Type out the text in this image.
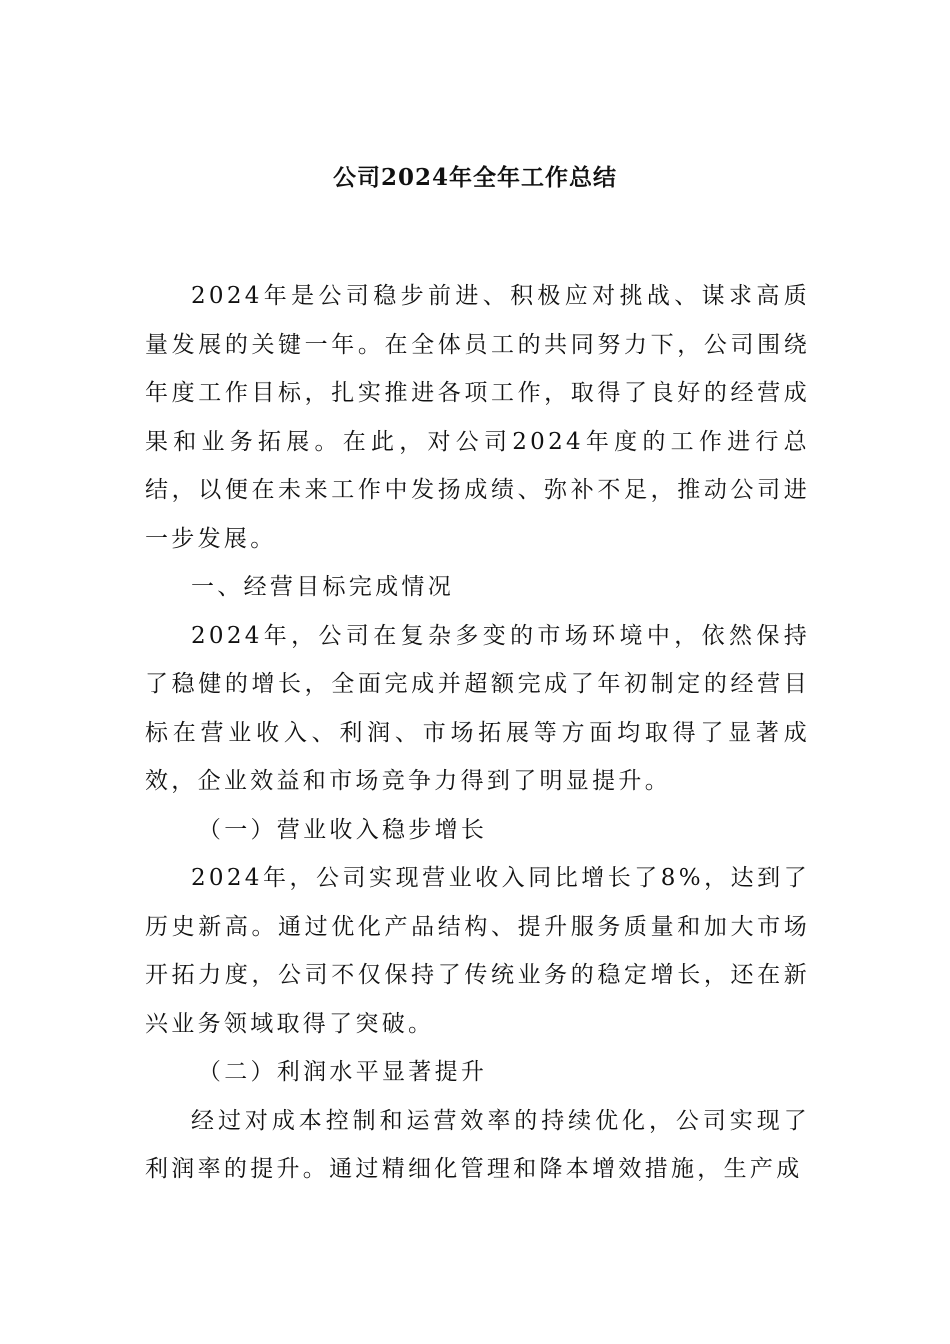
公司2024年全年工作总结

2024年是公司稳步前进、积极应对挑战、谋求高质量发展的关键一年。在全体员工的共同努力下，公司围绕年度工作目标，扎实推进各项工作，取得了良好的经营成果和业务拓展。在此，对公司2024年度的工作进行总结，以便在未来工作中发扬成绩、弥补不足，推动公司进一步发展。

一、经营目标完成情况

2024年，公司在复杂多变的市场环境中，依然保持了稳健的增长，全面完成并超额完成了年初制定的经营目标在营业收入、利润、市场拓展等方面均取得了显著成效，企业效益和市场竞争力得到了明显提升。

（一）营业收入稳步增长

2024年，公司实现营业收入同比增长了8%，达到了历史新高。通过优化产品结构、提升服务质量和加大市场开拓力度，公司不仅保持了传统业务的稳定增长，还在新兴业务领域取得了突破。

（二）利润水平显著提升

经过对成本控制和运营效率的持续优化，公司实现了利润率的提升。通过精细化管理和降本增效措施，生产成
